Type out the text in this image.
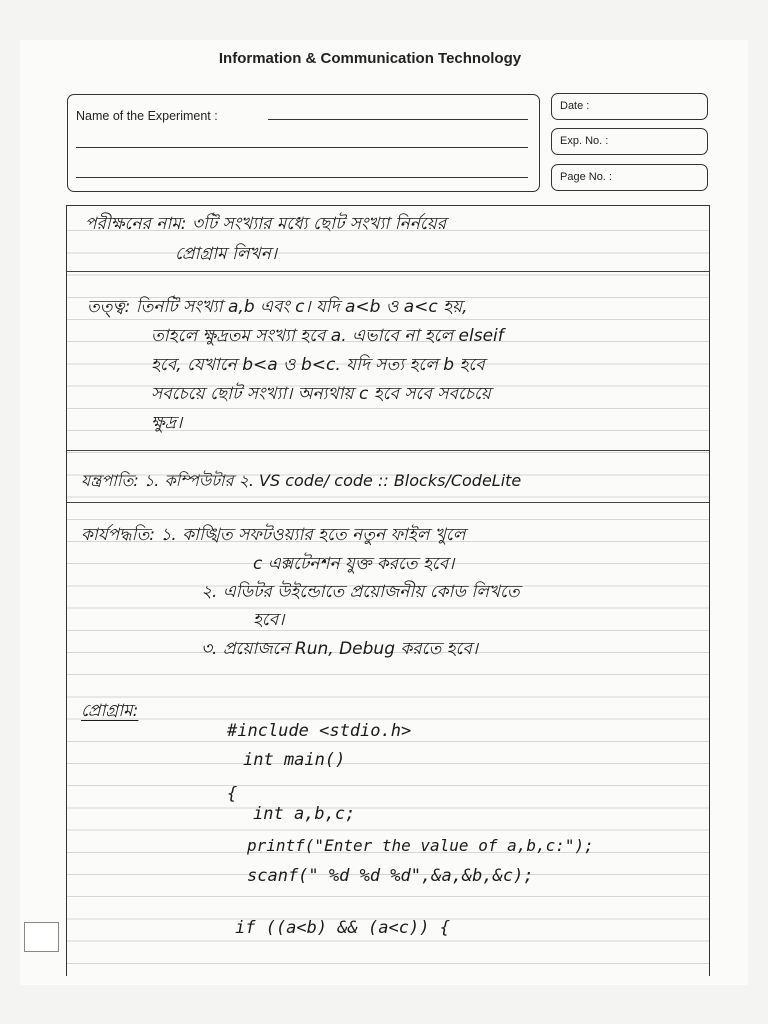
Information & Communication Technology
Name of the Experiment :
Date :
Exp. No. :
Page No. :
পরীক্ষনের নাম: ৩টি সংখ্যার মধ্যে ছোট সংখ্যা নির্নয়ের
প্রোগ্রাম লিখন।
তত্ত্ব: তিনটি সংখ্যা a,b এবং c। যদি a<b ও a<c হয়,
তাহলে ক্ষুদ্রতম সংখ্যা হবে a. এভাবে না হলে elseif
হবে, যেখানে b<a ও b<c. যদি সত্য হলে b হবে
সবচেয়ে ছোট সংখ্যা। অন্যথায় c হবে সবে সবচেয়ে
ক্ষুদ্র।
যন্ত্রপাতি: ১. কম্পিউটার ২. VS code/ code :: Blocks/CodeLite
কার্যপদ্ধতি: ১. কাঙ্খিত সফটওয়্যার হতে নতুন ফাইল খুলে
c এক্সটেনশন যুক্ত করতে হবে।
২. এডিটর উইন্ডোতে প্রয়োজনীয় কোড লিখতে
হবে।
৩. প্রয়োজনে Run, Debug করতে হবে।
প্রোগ্রাম:
#include <stdio.h>
int main()
{
int a,b,c;
printf("Enter the value of a,b,c:");
scanf(" %d %d %d",&a,&b,&c);
if ((a<b) && (a<c)) {
